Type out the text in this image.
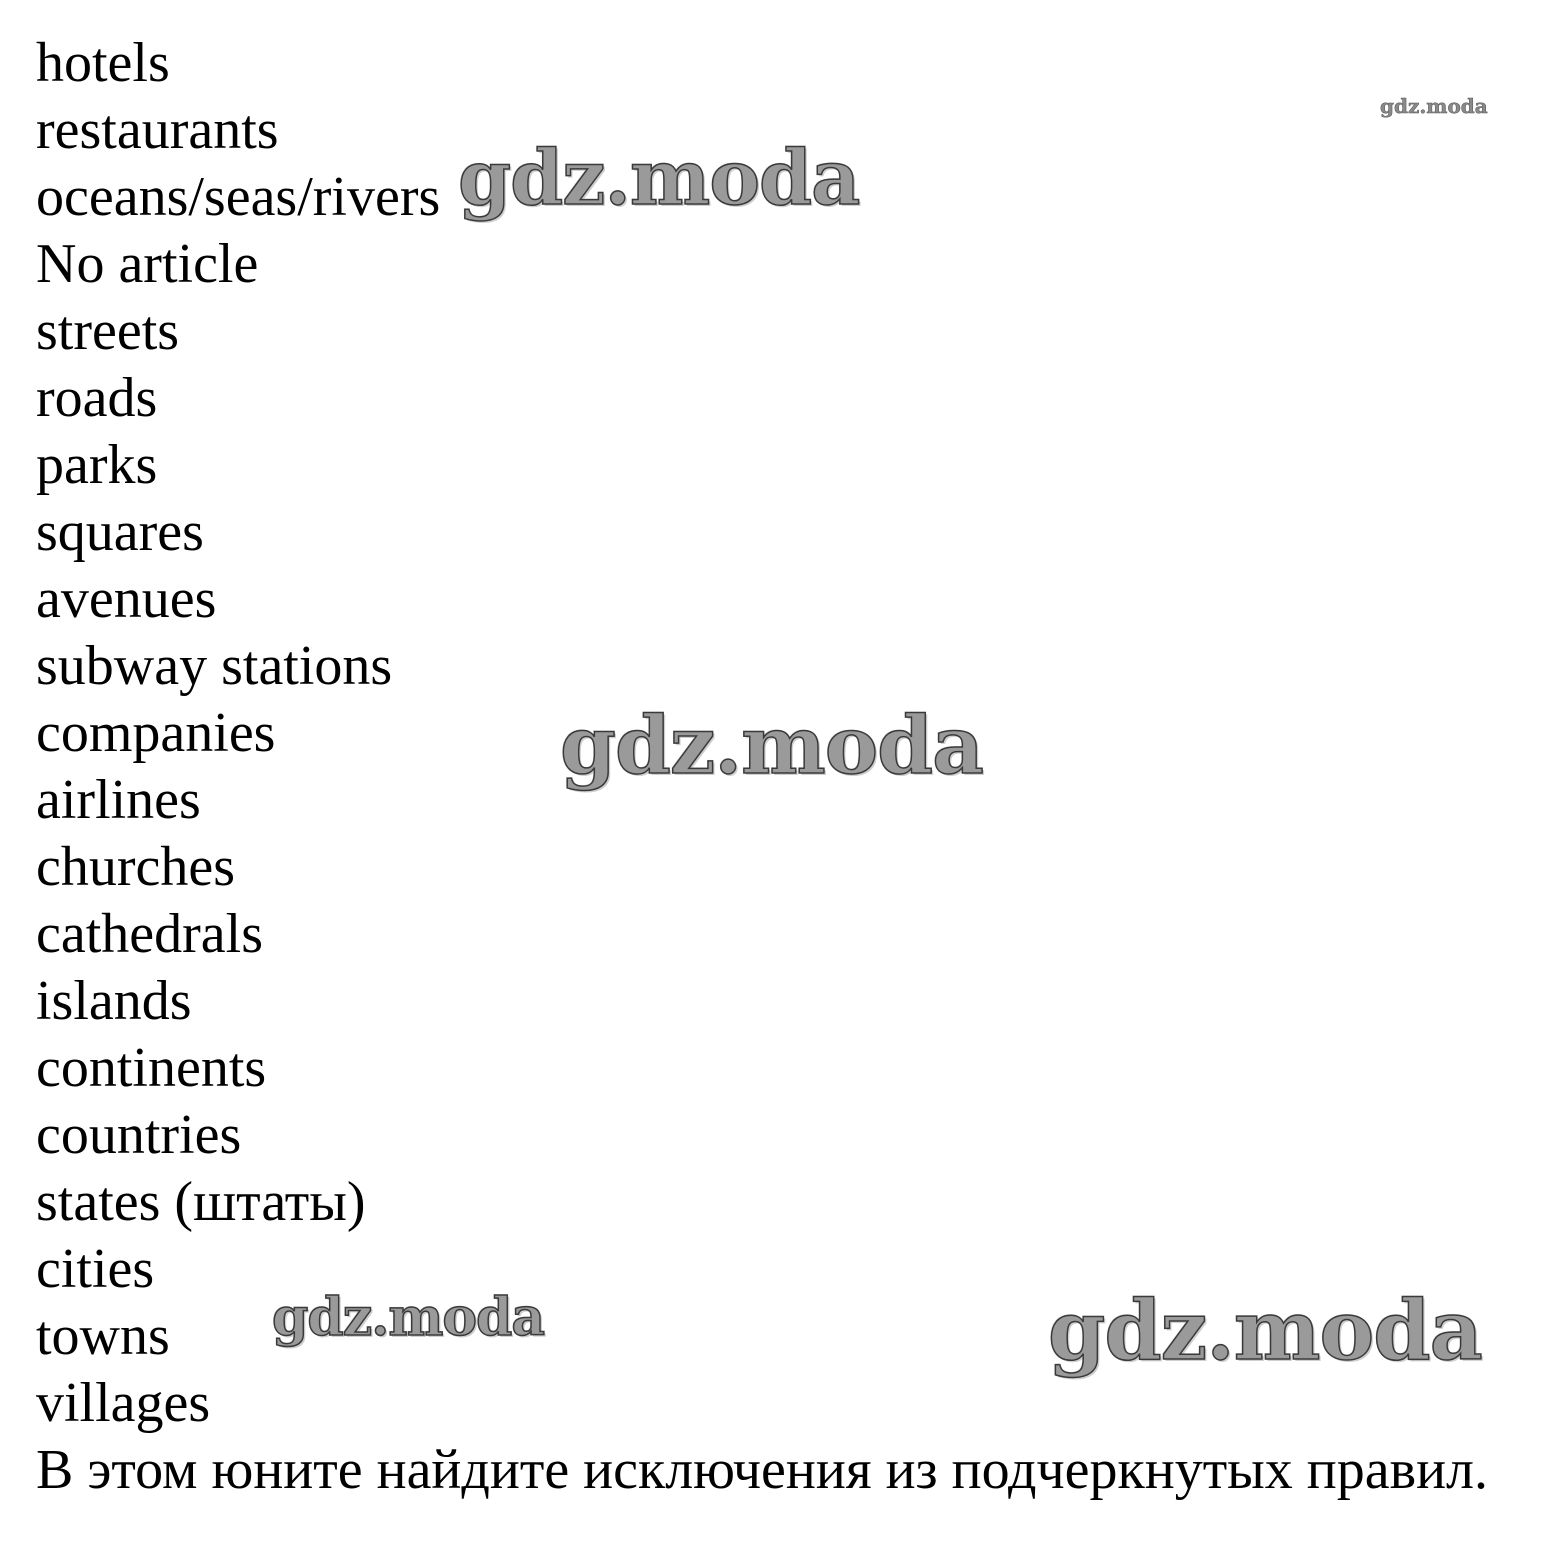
hotels
restaurants
oceans/seas/rivers
No article
streets
roads
parks
squares
avenues
subway stations
companies
airlines
churches
cathedrals
islands
continents
countries
states (штаты)
cities
towns
villages
В этом юните найдите исключения из подчеркнутых правил.
gdz.moda
gdz.moda
gdz.moda	gdz.moda
gdz.moda
